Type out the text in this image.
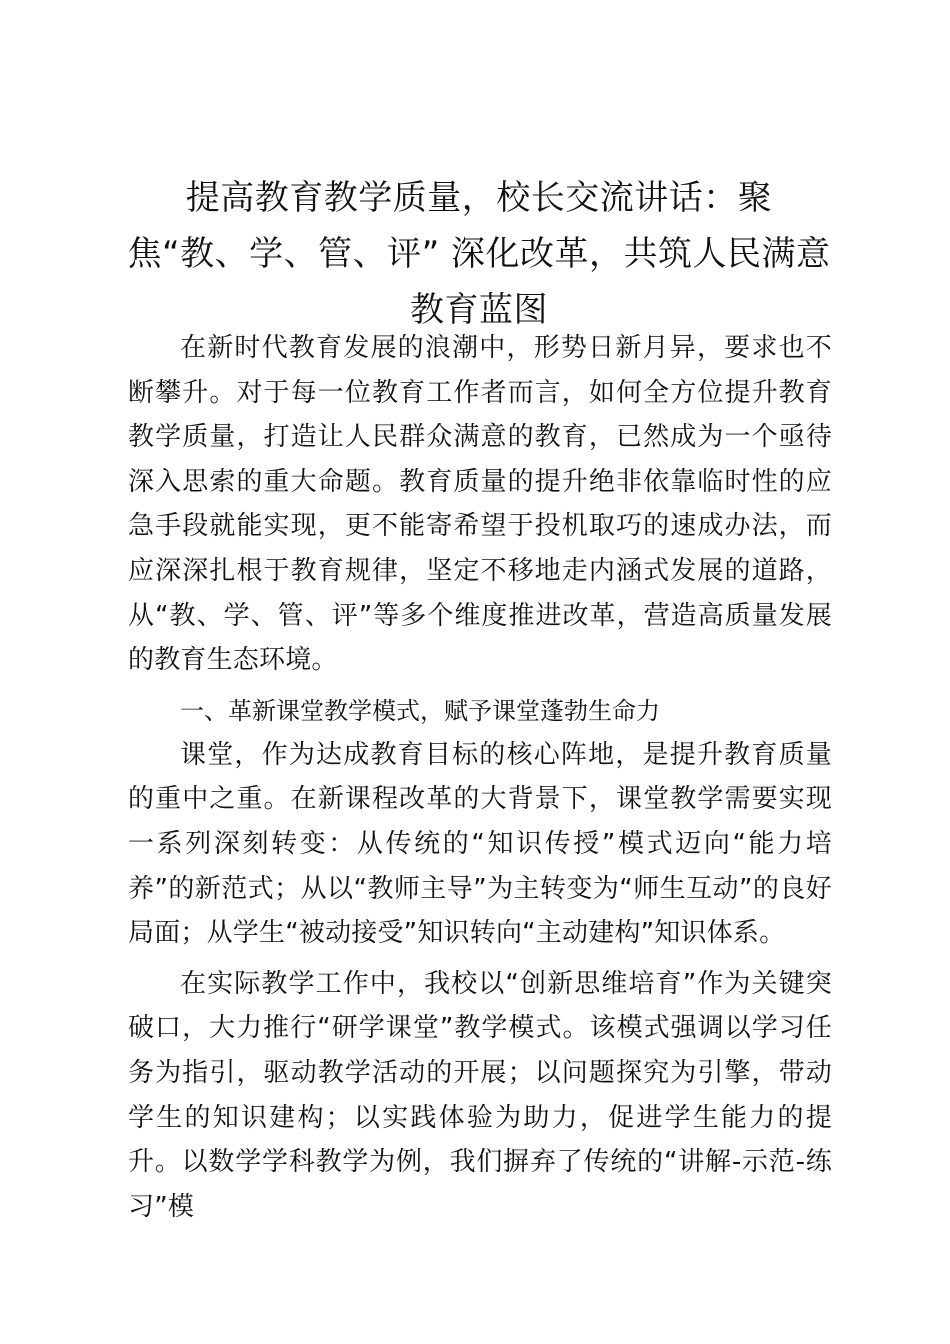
提高教育教学质量，校长交流讲话：聚焦“教、学、管、评” 深化改革，共筑人民满意教育蓝图

在新时代教育发展的浪潮中，形势日新月异，要求也不断攀升。对于每一位教育工作者而言，如何全方位提升教育教学质量，打造让人民群众满意的教育，已然成为一个亟待深入思索的重大命题。教育质量的提升绝非依靠临时性的应急手段就能实现，更不能寄希望于投机取巧的速成办法，而应深深扎根于教育规律，坚定不移地走内涵式发展的道路，从“教、学、管、评”等多个维度推进改革，营造高质量发展的教育生态环境。

一、革新课堂教学模式，赋予课堂蓬勃生命力

课堂，作为达成教育目标的核心阵地，是提升教育质量的重中之重。在新课程改革的大背景下，课堂教学需要实现一系列深刻转变：从传统的“知识传授”模式迈向“能力培养”的新范式；从以“教师主导”为主转变为“师生互动”的良好局面；从学生“被动接受”知识转向“主动建构”知识体系。

在实际教学工作中，我校以“创新思维培育”作为关键突破口，大力推行“研学课堂”教学模式。该模式强调以学习任务为指引，驱动教学活动的开展；以问题探究为引擎，带动学生的知识建构；以实践体验为助力，促进学生能力的提升。以数学学科教学为例，我们摒弃了传统的“讲解-示范-练习”模
